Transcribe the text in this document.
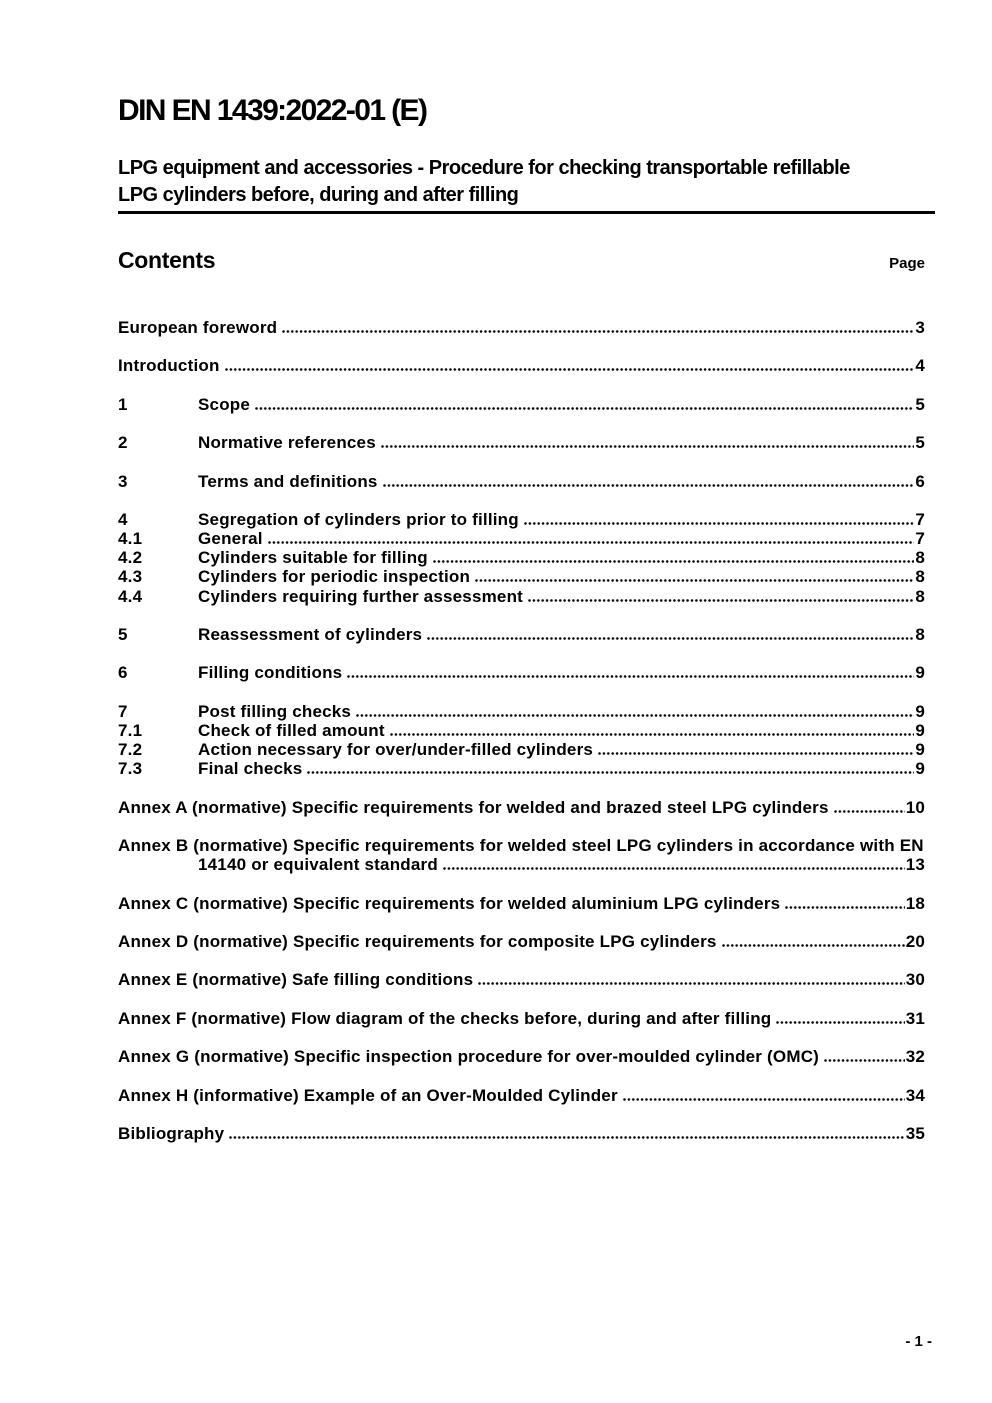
DIN EN 1439:2022-01 (E)
LPG equipment and accessories - Procedure for checking transportable refillable
LPG cylinders before, during and after filling
Contents	Page
European foreword	3
Introduction	4
1	Scope	5
2	Normative references	5
3	Terms and definitions	6
4	Segregation of cylinders prior to filling	7
4.1	General	7
4.2	Cylinders suitable for filling	8
4.3	Cylinders for periodic inspection	8
4.4	Cylinders requiring further assessment	8
5	Reassessment of cylinders	8
6	Filling conditions	9
7	Post filling checks	9
7.1	Check of filled amount	9
7.2	Action necessary for over/under-filled cylinders	9
7.3	Final checks	9
Annex A (normative) Specific requirements for welded and brazed steel LPG cylinders	10
Annex B (normative) Specific requirements for welded steel LPG cylinders in accordance with EN
14140 or equivalent standard	13
Annex C (normative) Specific requirements for welded aluminium LPG cylinders	18
Annex D (normative) Specific requirements for composite LPG cylinders	20
Annex E (normative) Safe filling conditions	30
Annex F (normative) Flow diagram of the checks before, during and after filling	31
Annex G (normative) Specific inspection procedure for over-moulded cylinder (OMC)	32
Annex H (informative) Example of an Over-Moulded Cylinder	34
Bibliography	35
- 1 -
